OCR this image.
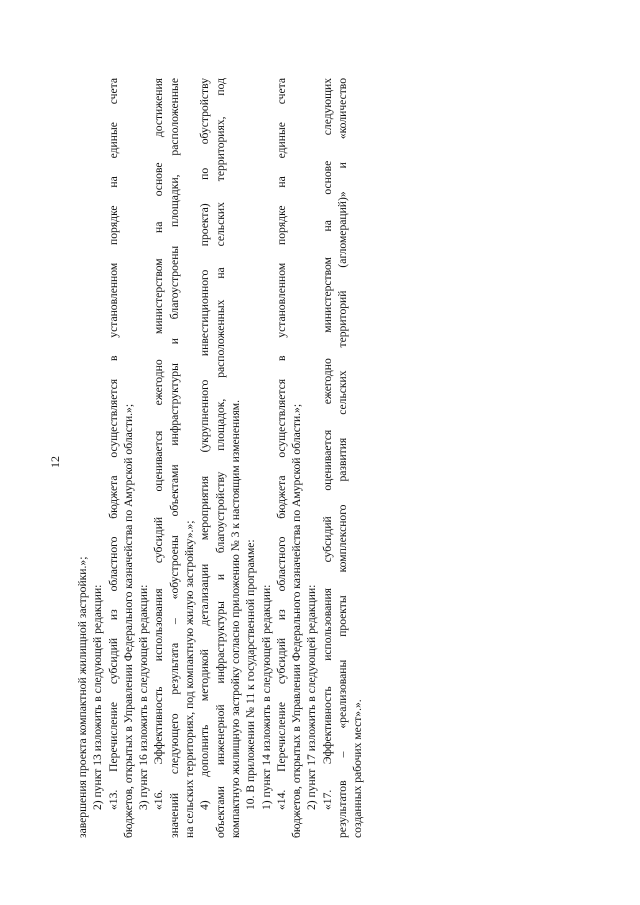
12
завершения проекта компактной жилищной застройки.»; 2) пункт 13 изложить в следующей редакции: «13. Перечисление субсидий из областного бюджета осуществляется в установленном порядке на единые счета бюджетов, открытых в Управлении Федерального казначейства по Амурской области.»; 3) пункт 16 изложить в следующей редакции: «16. Эффективность использования субсидий оценивается ежегодно министерством на основе достижения значений следующего результата – «обустроены объектами инфраструктуры и благоустроены площадки, расположенные на сельских территориях, под компактную жилую застройку».»; 4) дополнить методикой детализации мероприятия (укрупненного инвестиционного проекта) по обустройству объектами инженерной инфраструктуры и благоустройству площадок, расположенных на сельских территориях, под компактную жилищную застройку согласно приложению № 3 к настоящим изменениям. 10. В приложении № 11 к государственной программе: 1) пункт 14 изложить в следующей редакции: «14. Перечисление субсидий из областного бюджета осуществляется в установленном порядке на единые счета бюджетов, открытых в Управлении Федерального казначейства по Амурской области.»; 2) пункт 17 изложить в следующей редакции: «17. Эффективность использования субсидий оценивается ежегодно министерством на основе следующих результатов – «реализованы проекты комплексного развития сельских территорий (агломераций)» и «количество созданных рабочих мест».».
